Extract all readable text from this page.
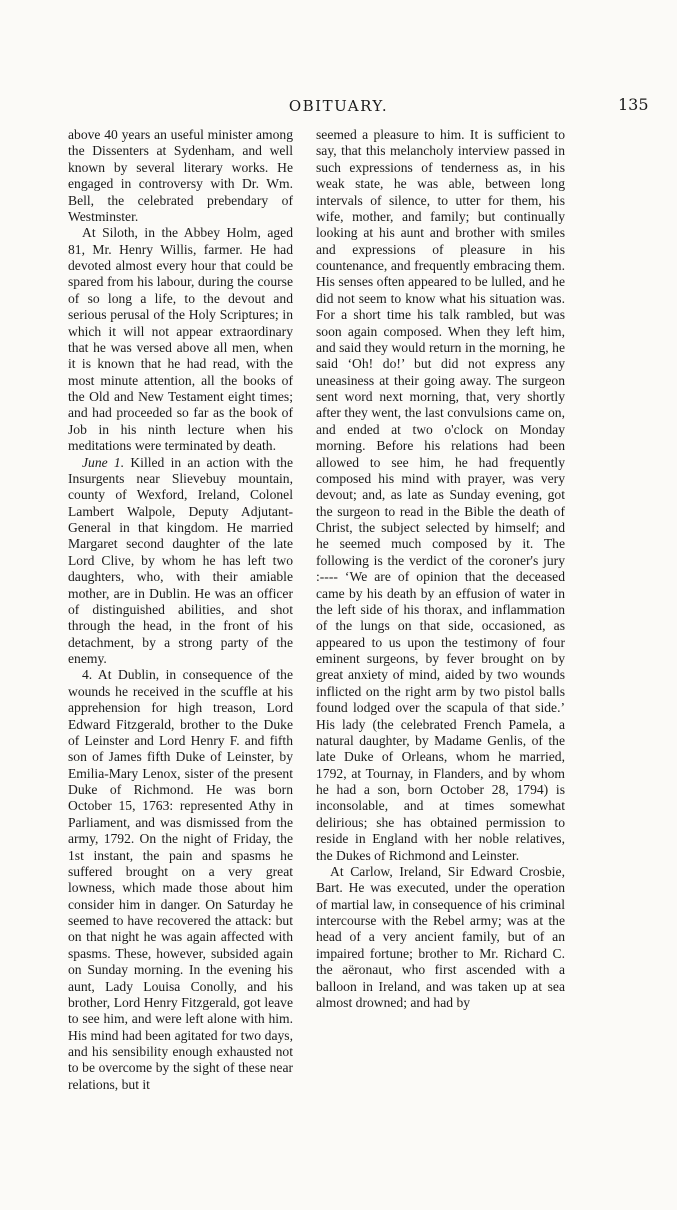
OBITUARY.	135

above 40 years an useful minister among the Dissenters at Sydenham, and well known by several literary works. He engaged in controversy with Dr. Wm. Bell, the celebrated prebendary of Westminster.

At Siloth, in the Abbey Holm, aged 81, Mr. Henry Willis, farmer. He had devoted almost every hour that could be spared from his labour, during the course of so long a life, to the devout and serious perusal of the Holy Scriptures; in which it will not appear extraordinary that he was versed above all men, when it is known that he had read, with the most minute attention, all the books of the Old and New Testament eight times; and had proceeded so far as the book of Job in his ninth lecture when his meditations were terminated by death.

June 1. Killed in an action with the Insurgents near Slievebuy mountain, county of Wexford, Ireland, Colonel Lambert Walpole, Deputy Adjutant-General in that kingdom. He married Margaret second daughter of the late Lord Clive, by whom he has left two daughters, who, with their amiable mother, are in Dublin. He was an officer of distinguished abilities, and shot through the head, in the front of his detachment, by a strong party of the enemy.

4. At Dublin, in consequence of the wounds he received in the scuffle at his apprehension for high treason, Lord Edward Fitzgerald, brother to the Duke of Leinster and Lord Henry F. and fifth son of James fifth Duke of Leinster, by Emilia-Mary Lenox, sister of the present Duke of Richmond. He was born October 15, 1763: represented Athy in Parliament, and was dismissed from the army, 1792. On the night of Friday, the 1st instant, the pain and spasms he suffered brought on a very great lowness, which made those about him consider him in danger. On Saturday he seemed to have recovered the attack: but on that night he was again affected with spasms. These, however, subsided again on Sunday morning. In the evening his aunt, Lady Louisa Conolly, and his brother, Lord Henry Fitzgerald, got leave to see him, and were left alone with him. His mind had been agitated for two days, and his sensibility enough exhausted not to be overcome by the sight of these near relations, but it

seemed a pleasure to him. It is sufficient to say, that this melancholy interview passed in such expressions of tenderness as, in his weak state, he was able, between long intervals of silence, to utter for them, his wife, mother, and family; but continually looking at his aunt and brother with smiles and expressions of pleasure in his countenance, and frequently embracing them. His senses often appeared to be lulled, and he did not seem to know what his situation was. For a short time his talk rambled, but was soon again composed. When they left him, and said they would return in the morning, he said ‘Oh! do!’ but did not express any uneasiness at their going away. The surgeon sent word next morning, that, very shortly after they went, the last convulsions came on, and ended at two o'clock on Monday morning. Before his relations had been allowed to see him, he had frequently composed his mind with prayer, was very devout; and, as late as Sunday evening, got the surgeon to read in the Bible the death of Christ, the subject selected by himself; and he seemed much composed by it. The following is the verdict of the coroner's jury :---- ‘We are of opinion that the deceased came by his death by an effusion of water in the left side of his thorax, and inflammation of the lungs on that side, occasioned, as appeared to us upon the testimony of four eminent surgeons, by fever brought on by great anxiety of mind, aided by two wounds inflicted on the right arm by two pistol balls found lodged over the scapula of that side.’ His lady (the celebrated French Pamela, a natural daughter, by Madame Genlis, of the late Duke of Orleans, whom he married, 1792, at Tournay, in Flanders, and by whom he had a son, born October 28, 1794) is inconsolable, and at times somewhat delirious; she has obtained permission to reside in England with her noble relatives, the Dukes of Richmond and Leinster.

At Carlow, Ireland, Sir Edward Crosbie, Bart. He was executed, under the operation of martial law, in consequence of his criminal intercourse with the Rebel army; was at the head of a very ancient family, but of an impaired fortune; brother to Mr. Richard C. the aëronaut, who first ascended with a balloon in Ireland, and was taken up at sea almost drowned; and had by
